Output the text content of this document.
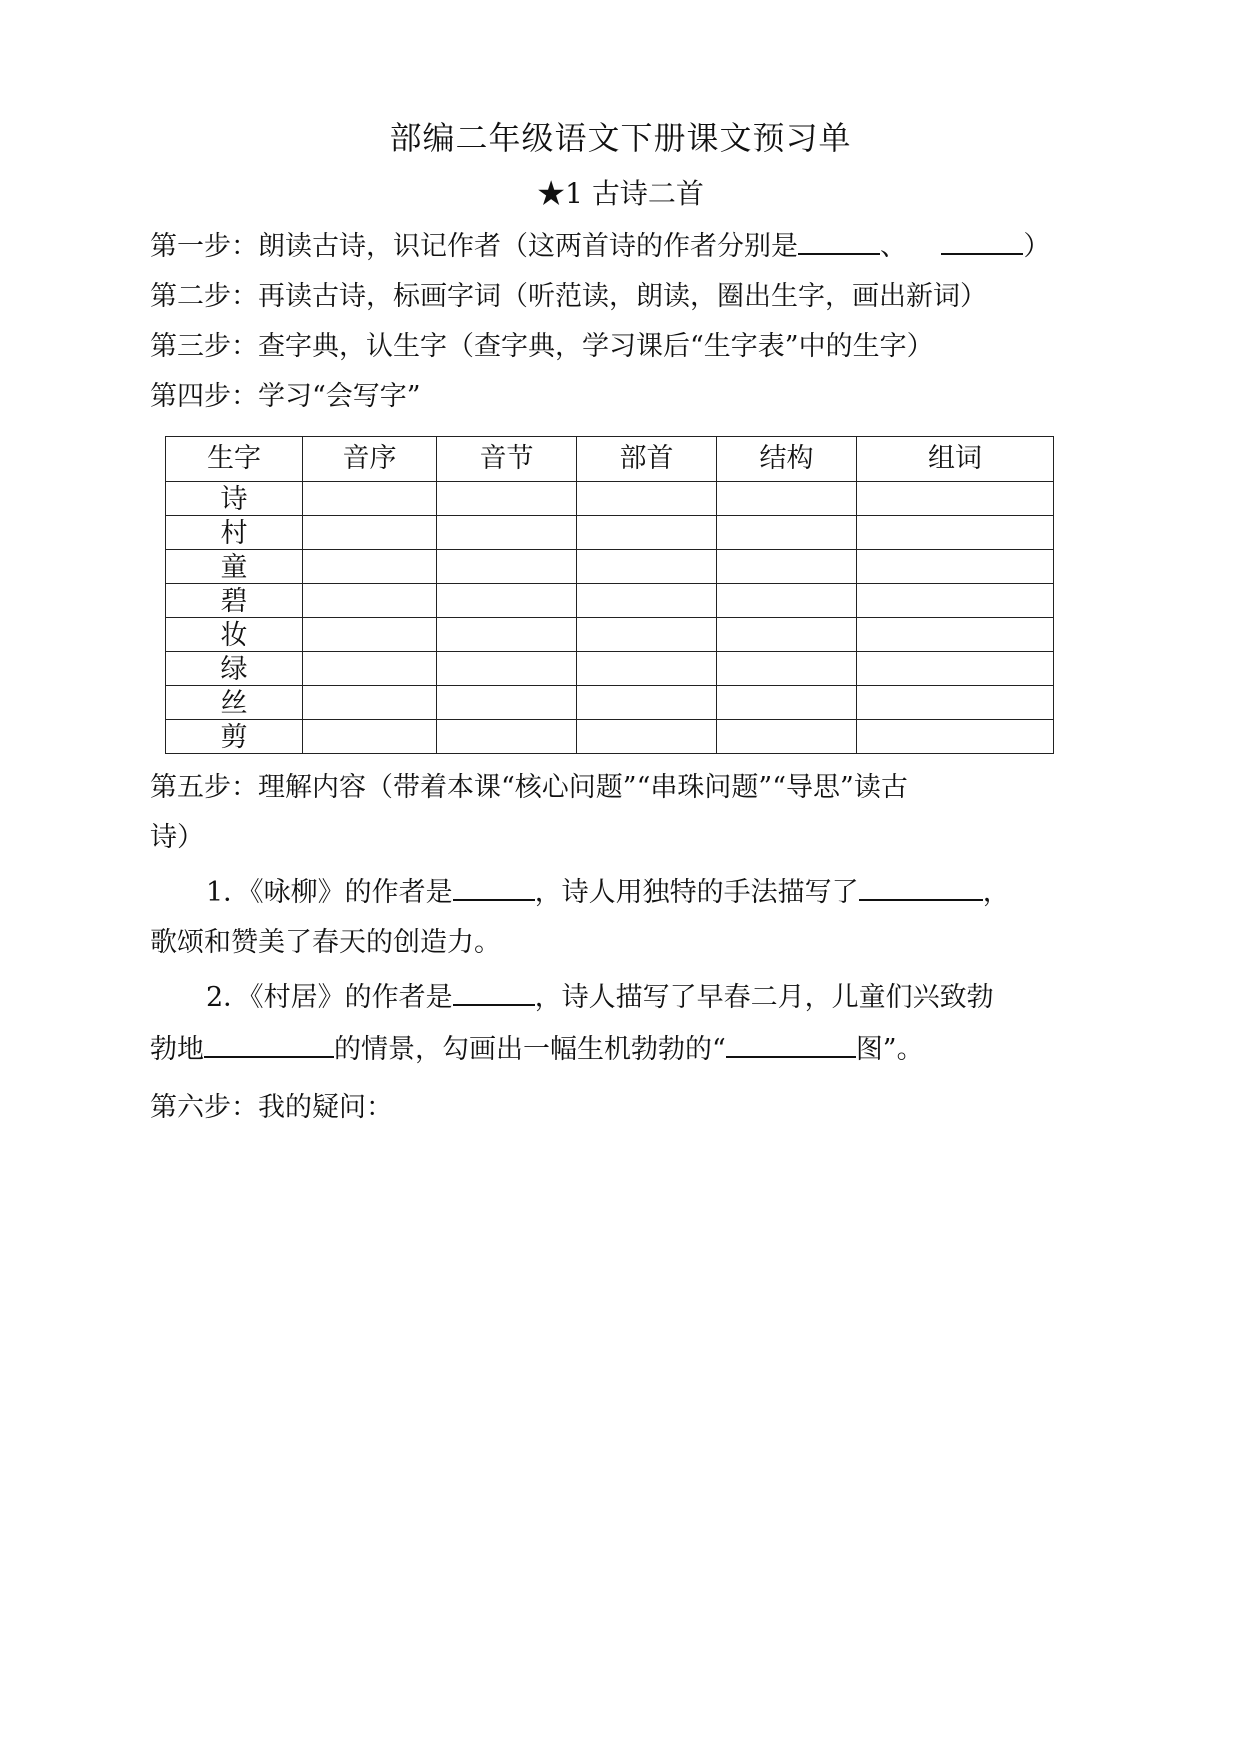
部编二年级语文下册课文预习单
★1 古诗二首
第一步：朗读古诗，识记作者（这两首诗的作者分别是	、	）
第二步：再读古诗，标画字词（听范读，朗读，圈出生字，画出新词）
第三步：查字典，认生字（查字典，学习课后“生字表”中的生字）
第四步：学习“会写字”
生字	音序	音节	部首	结构	组词
诗					
村					
童					
碧					
妆					
绿					
丝					
剪					
第五步：理解内容（带着本课“核心问题”“串珠问题”“导思”读古
诗）
1．《咏柳》的作者是	，诗人用独特的手法描写了	，
歌颂和赞美了春天的创造力。
2．《村居》的作者是	，诗人描写了早春二月，儿童们兴致勃
勃地	的情景，勾画出一幅生机勃勃的“	图”。
第六步：我的疑问：
